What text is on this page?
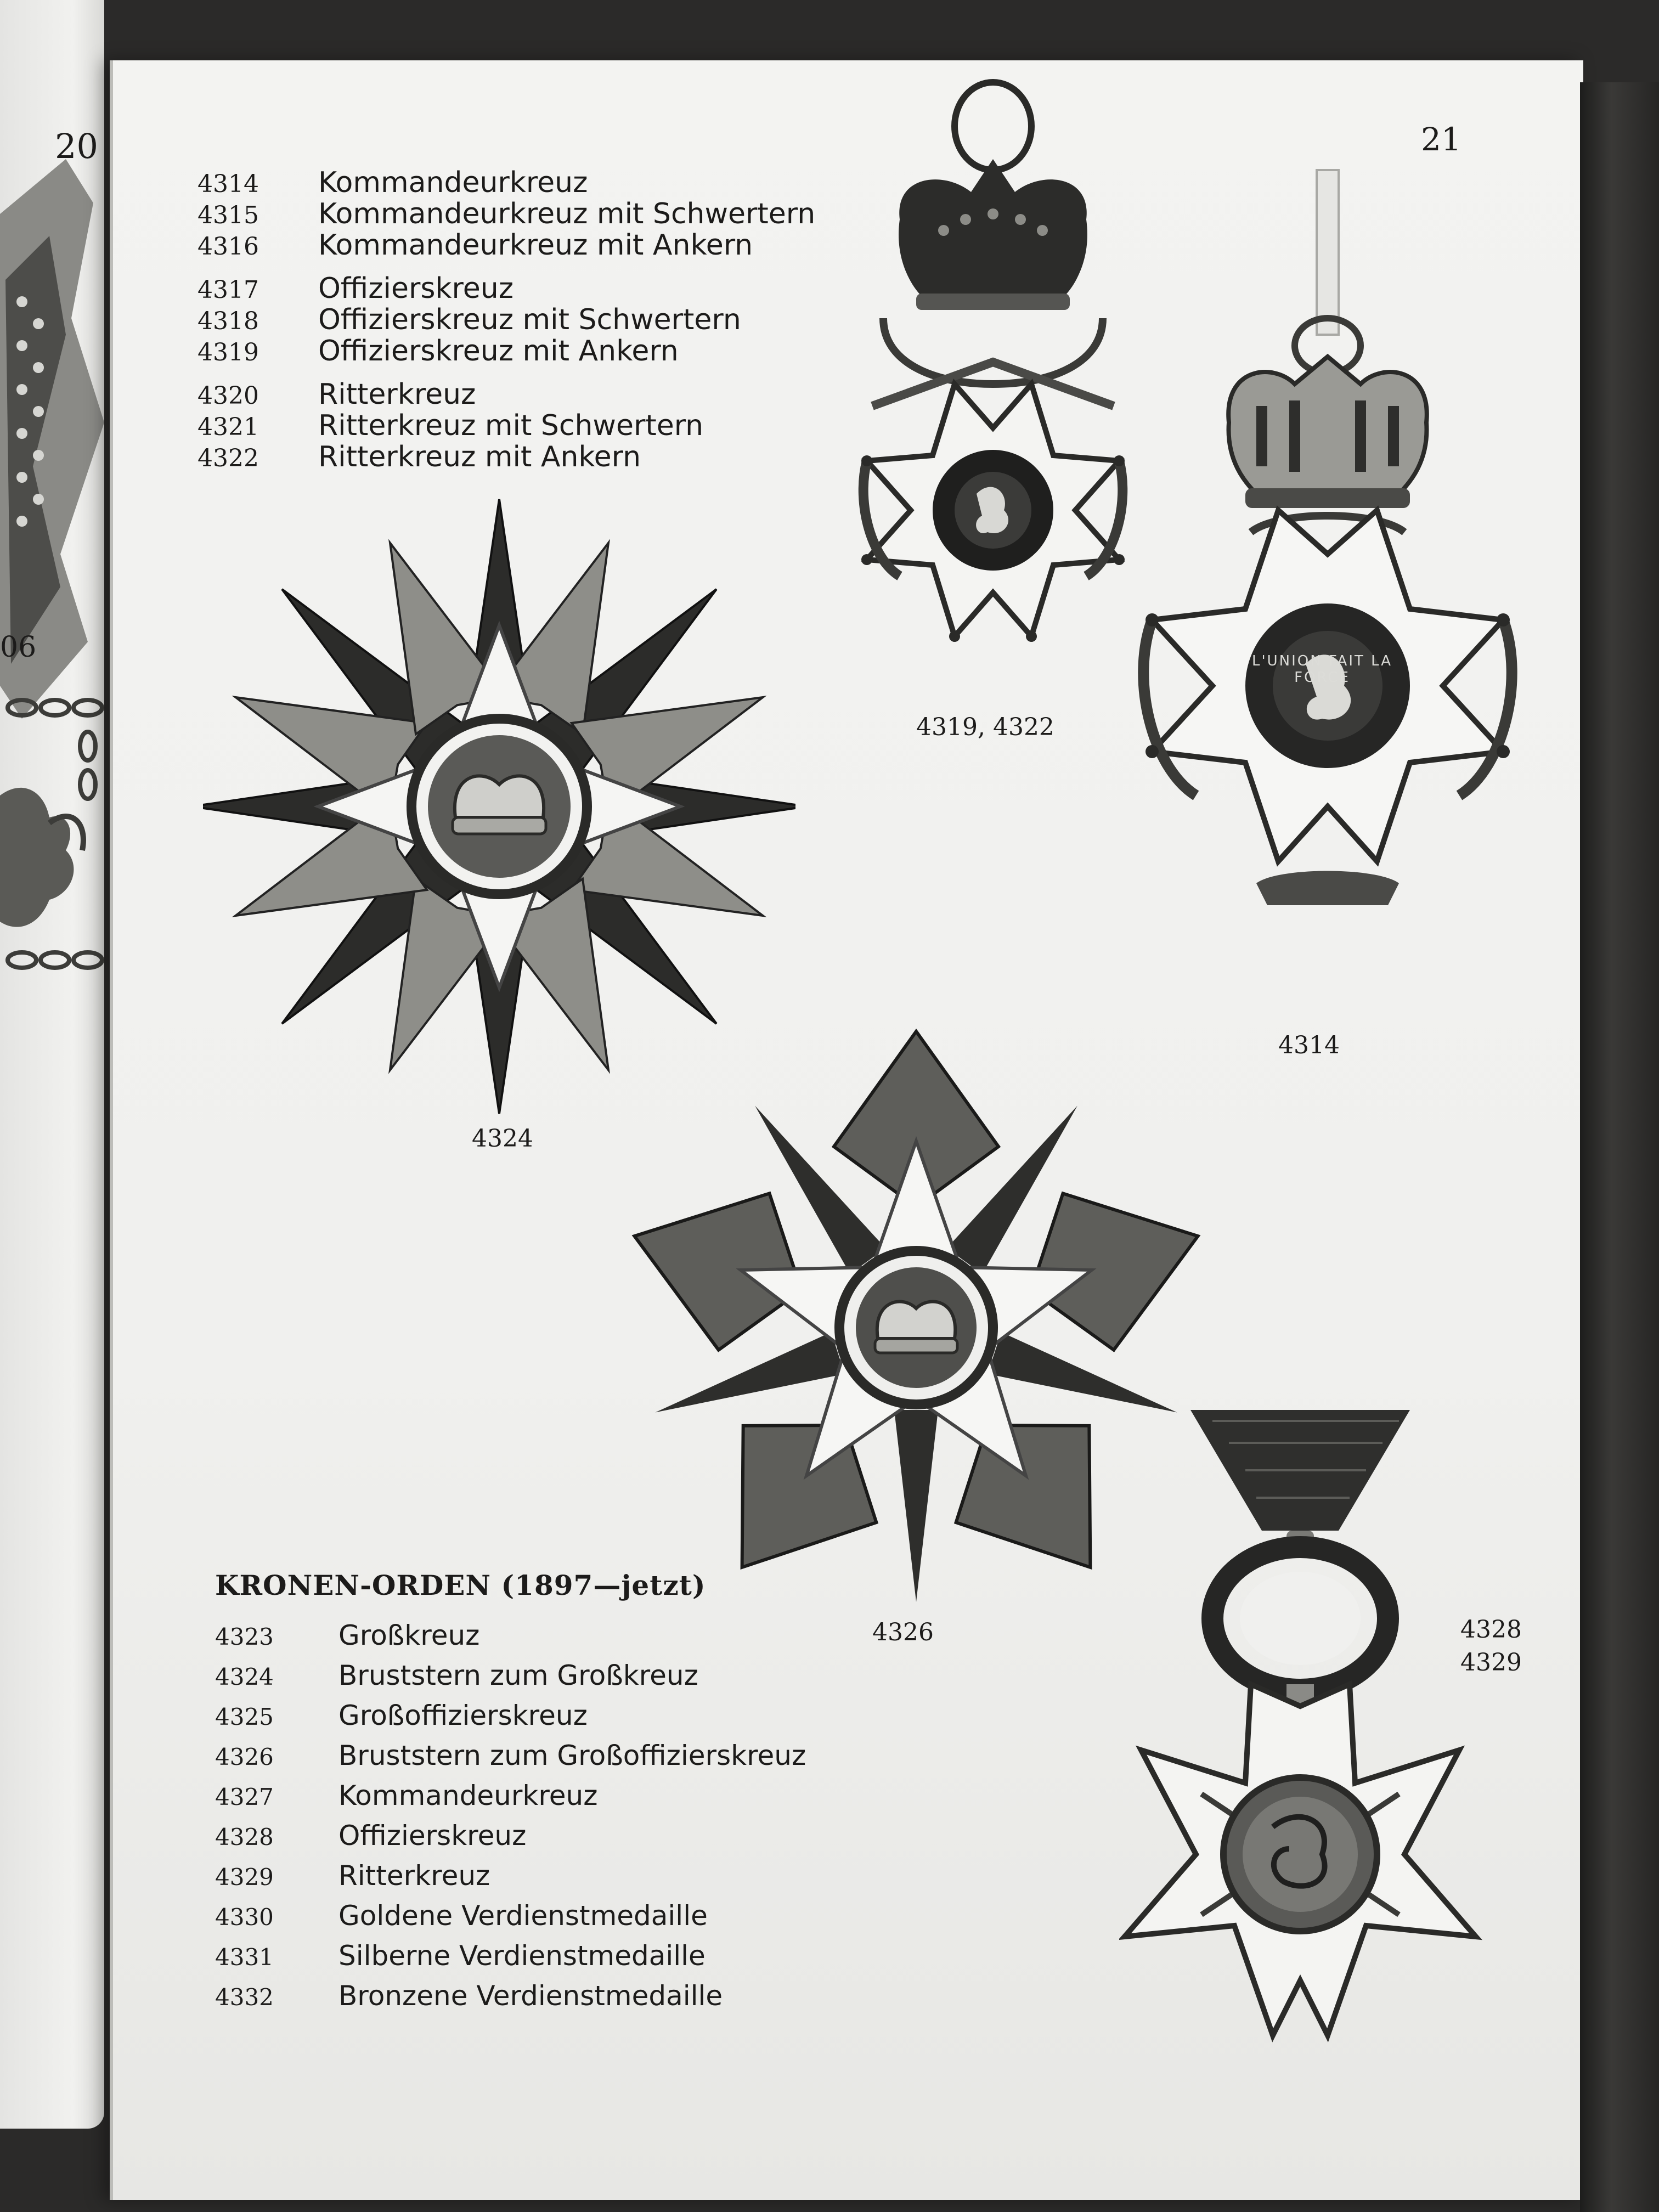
20
06
21
4314 Kommandeurkreuz
4315 Kommandeurkreuz mit Schwertern
4316 Kommandeurkreuz mit Ankern
4317 Offizierskreuz
4318 Offizierskreuz mit Schwertern
4319 Offizierskreuz mit Ankern
4320 Ritterkreuz
4321 Ritterkreuz mit Schwertern
4322 Ritterkreuz mit Ankern
4319, 4322
L'UNION FAIT LA FORCE
4314
4324
4326	4328
4329
KRONEN-ORDEN (1897—jetzt)
4323 Großkreuz
4324 Bruststern zum Großkreuz
4325 Großoffizierskreuz
4326 Bruststern zum Großoffizierskreuz
4327 Kommandeurkreuz
4328 Offizierskreuz
4329 Ritterkreuz
4330 Goldene Verdienstmedaille
4331 Silberne Verdienstmedaille
4332 Bronzene Verdienstmedaille
